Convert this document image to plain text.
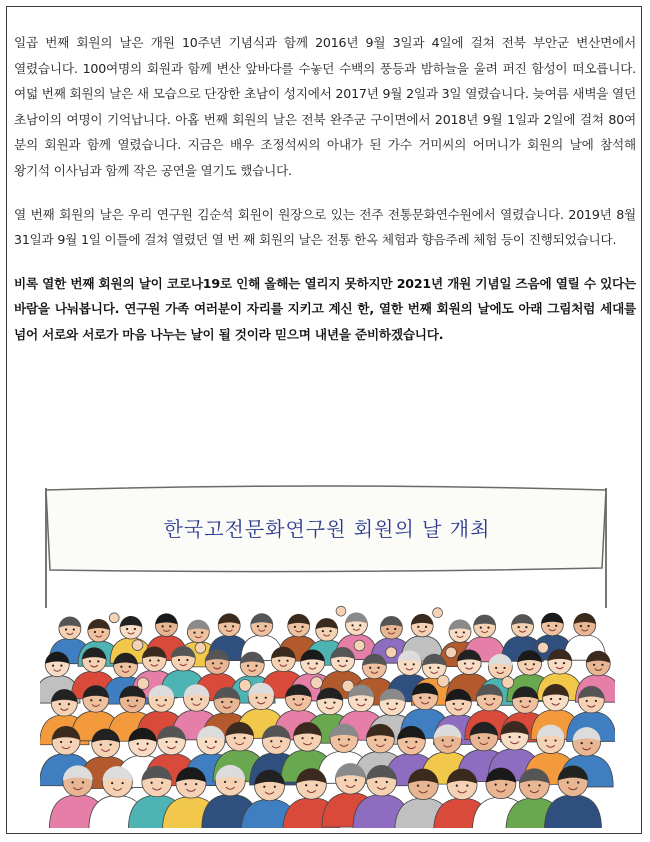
일곱 번째 회원의 날은 개원 10주년 기념식과 함께 2016년 9월 3일과 4일에 걸쳐 전북 부안군 변산면에서 열렸습니다. 100여명의 회원과 함께 변산 앞바다를 수놓던 수백의 풍등과 밤하늘을 울려 퍼진 함성이 떠오릅니다. 여덟 번째 회원의 날은 새 모습으로 단장한 초남이 성지에서 2017년 9월 2일과 3일 열렸습니다. 늦여름 새벽을 열던 초남이의 여명이 기억납니다. 아홉 번째 회원의 날은 전북 완주군 구이면에서 2018년 9월 1일과 2일에 걸쳐 80여 분의 회원과 함께 열렸습니다. 지금은 배우 조정석씨의 아내가 된 가수 거미씨의 어머니가 회원의 날에 참석해 왕기석 이사님과 함께 작은 공연을 열기도 했습니다.

열 번째 회원의 날은 우리 연구원 김순석 회원이 원장으로 있는 전주 전통문화연수원에서 열렸습니다. 2019년 8월 31일과 9월 1일 이틀에 걸쳐 열렸던 열 번 째 회원의 날은 전통 한옥 체험과 향음주례 체험 등이 진행되었습니다.

비록 열한 번째 회원의 날이 코로나19로 인해 올해는 열리지 못하지만 2021년 개원 기념일 즈음에 열릴 수 있다는 바람을 나눠봅니다. 연구원 가족 여러분이 자리를 지키고 계신 한, 열한 번째 회원의 날에도 아래 그림처럼 세대를 넘어 서로와 서로가 마음 나누는 날이 될 것이라 믿으며 내년을 준비하겠습니다.

한국고전문화연구원 회원의 날 개최
